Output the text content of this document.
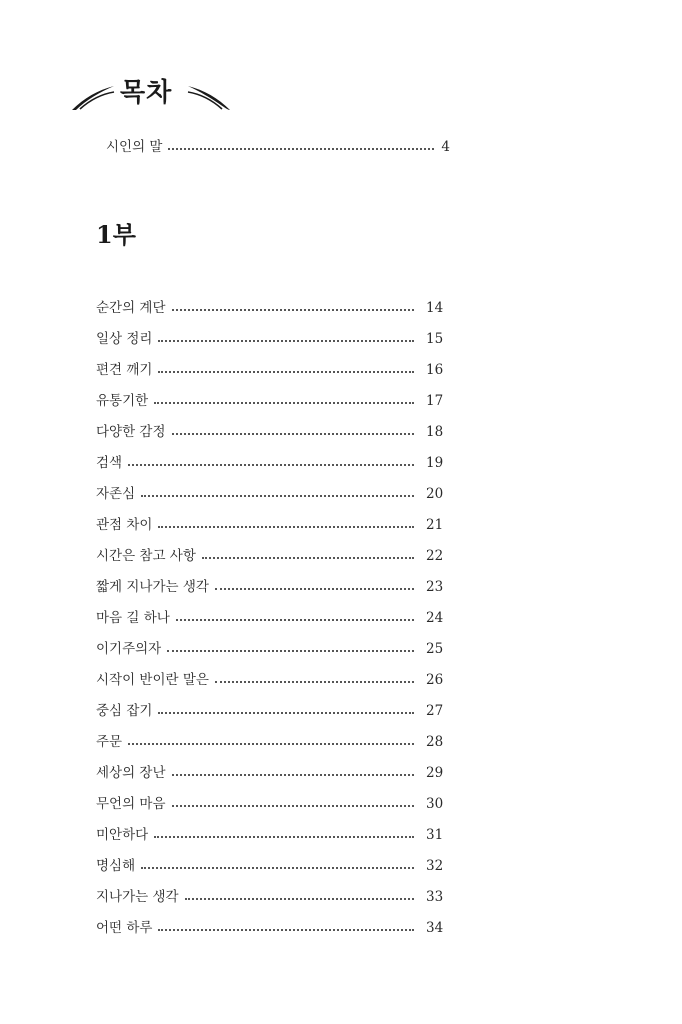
목차
시인의 말	4
1부
순간의 계단	14
일상 정리	15
편견 깨기	16
유통기한	17
다양한 감정	18
검색	19
자존심	20
관점 차이	21
시간은 참고 사항	22
짧게 지나가는 생각	23
마음 길 하나	24
이기주의자	25
시작이 반이란 말은	26
중심 잡기	27
주문	28
세상의 장난	29
무언의 마음	30
미안하다	31
명심해	32
지나가는 생각	33
어떤 하루	34
